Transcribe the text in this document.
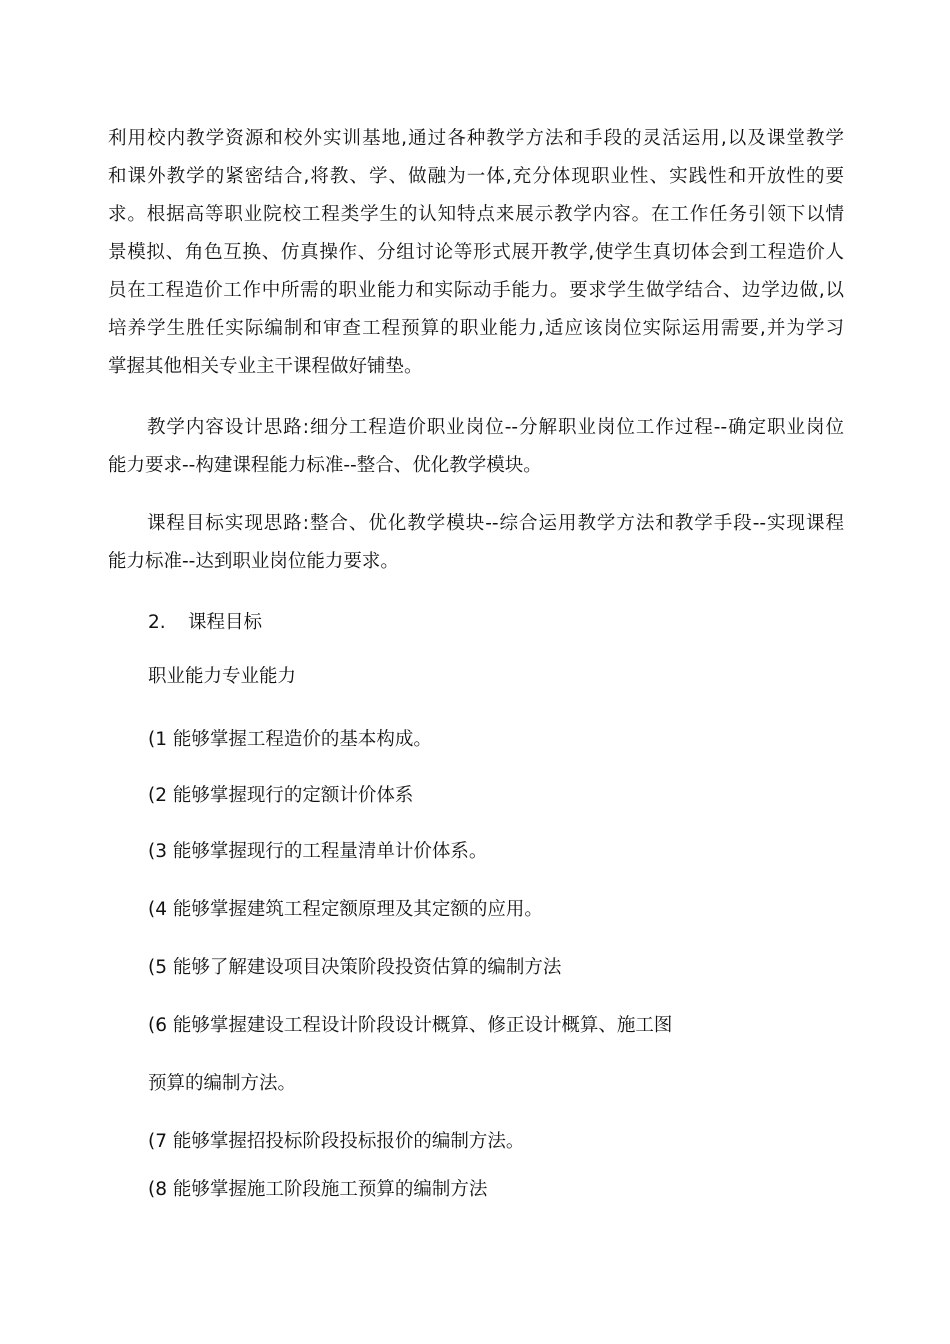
利用校内教学资源和校外实训基地,通过各种教学方法和手段的灵活运用,以及课堂教学
和课外教学的紧密结合,将教、学、做融为一体,充分体现职业性、实践性和开放性的要
求。根据高等职业院校工程类学生的认知特点来展示教学内容。在工作任务引领下以情
景模拟、角色互换、仿真操作、分组讨论等形式展开教学,使学生真切体会到工程造价人
员在工程造价工作中所需的职业能力和实际动手能力。要求学生做学结合、边学边做,以
培养学生胜任实际编制和审查工程预算的职业能力,适应该岗位实际运用需要,并为学习
掌握其他相关专业主干课程做好铺垫。
　　教学内容设计思路:细分工程造价职业岗位--分解职业岗位工作过程--确定职业岗位
能力要求--构建课程能力标准--整合、优化教学模块。
　　课程目标实现思路:整合、优化教学模块--综合运用教学方法和教学手段--实现课程
能力标准--达到职业岗位能力要求。
2. 课程目标
职业能力专业能力
(1 能够掌握工程造价的基本构成。
(2 能够掌握现行的定额计价体系
(3 能够掌握现行的工程量清单计价体系。
(4 能够掌握建筑工程定额原理及其定额的应用。
(5 能够了解建设项目决策阶段投资估算的编制方法
(6 能够掌握建设工程设计阶段设计概算、修正设计概算、施工图
预算的编制方法。
(7 能够掌握招投标阶段投标报价的编制方法。
(8 能够掌握施工阶段施工预算的编制方法
